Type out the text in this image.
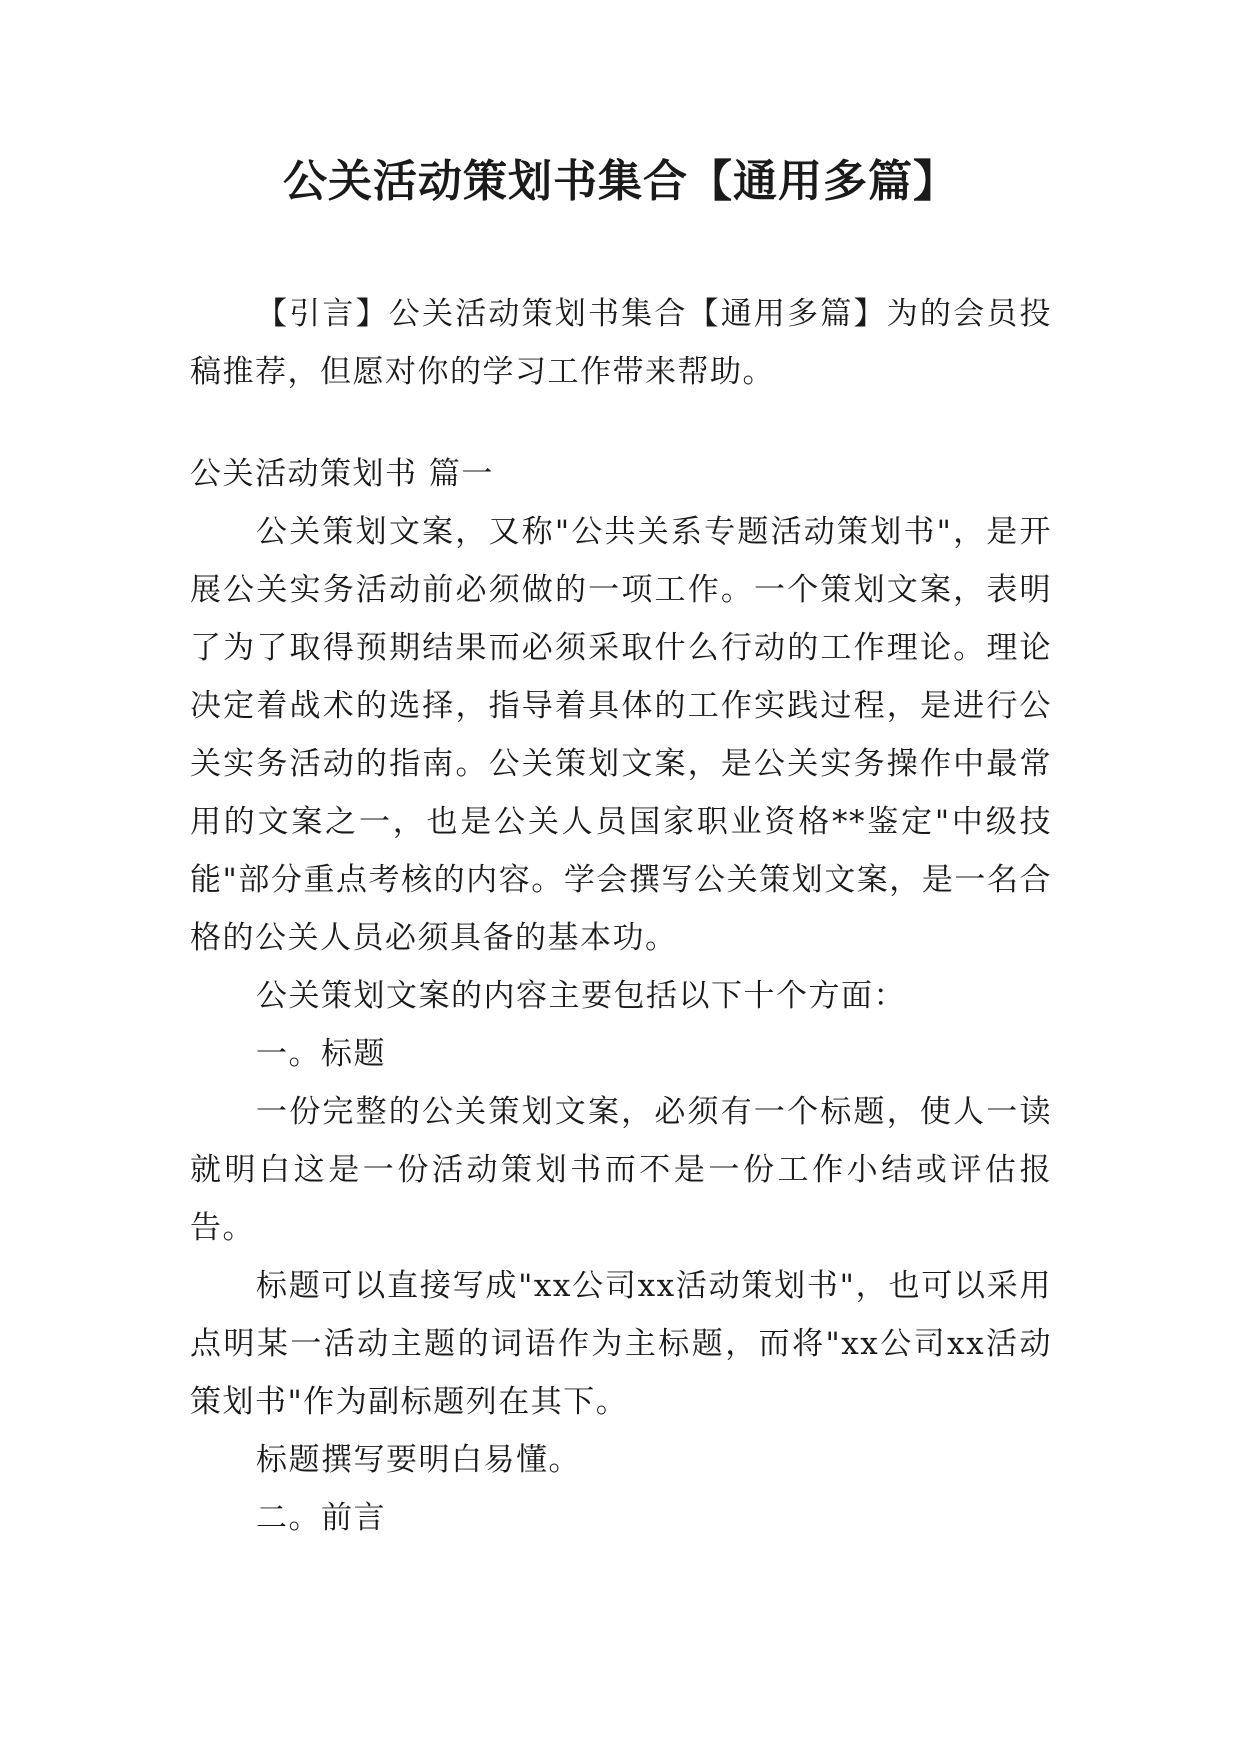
公关活动策划书集合【通用多篇】

【引言】公关活动策划书集合【通用多篇】为的会员投稿推荐，但愿对你的学习工作带来帮助。

公关活动策划书 篇一

公关策划文案，又称"公共关系专题活动策划书"，是开展公关实务活动前必须做的一项工作。一个策划文案，表明了为了取得预期结果而必须采取什么行动的工作理论。理论决定着战术的选择，指导着具体的工作实践过程，是进行公关实务活动的指南。公关策划文案，是公关实务操作中最常用的文案之一，也是公关人员国家职业资格**鉴定"中级技能"部分重点考核的内容。学会撰写公关策划文案，是一名合格的公关人员必须具备的基本功。

公关策划文案的内容主要包括以下十个方面：

一。标题

一份完整的公关策划文案，必须有一个标题，使人一读就明白这是一份活动策划书而不是一份工作小结或评估报告。

标题可以直接写成"xx公司xx活动策划书"，也可以采用点明某一活动主题的词语作为主标题，而将"xx公司xx活动策划书"作为副标题列在其下。

标题撰写要明白易懂。

二。前言
